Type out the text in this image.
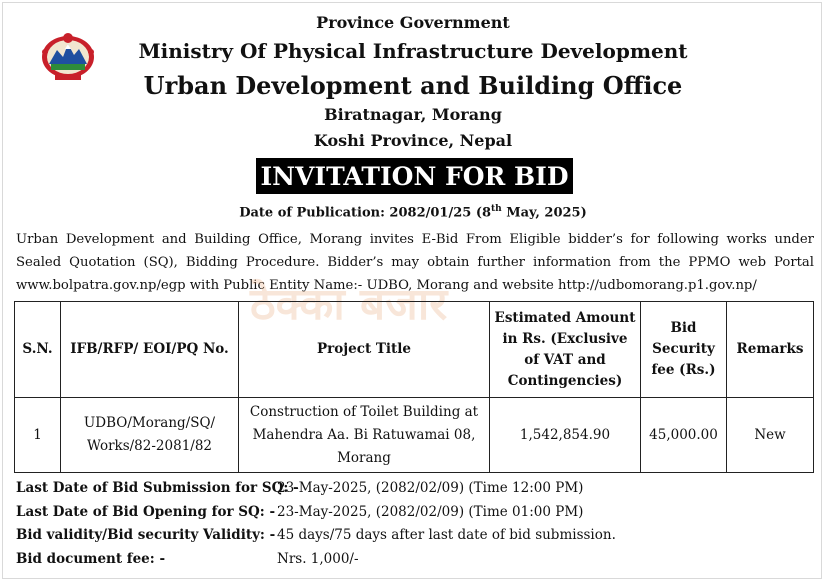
Province Government
Ministry Of Physical Infrastructure Development
Urban Development and Building Office
Biratnagar, Morang
Koshi Province, Nepal
INVITATION FOR BID
Date of Publication: 2082/01/25 (8th May, 2025)
Urban Development and Building Office, Morang invites E-Bid From Eligible bidder’s for following works under Sealed Quotation (SQ), Bidding Procedure. Bidder’s may obtain further information from the PPMO web Portal www.bolpatra.gov.np/egp with Public Entity Name:- UDBO, Morang and website http://udbomorang.p1.gov.np/
ठेक्का बजार
S.N.	IFB/RFP/ EOI/PQ No.	Project Title	Estimated Amount in Rs. (Exclusive of VAT and Contingencies)	Bid Security fee (Rs.)	Remarks
1	UDBO/Morang/SQ/ Works/82-2081/82	Construction of Toilet Building at Mahendra Aa. Bi Ratuwamai 08, Morang	1,542,854.90	45,000.00	New
Last Date of Bid Submission for SQ: -
23-May-2025, (2082/02/09) (Time 12:00 PM)
Last Date of Bid Opening for SQ: - 23-May-2025, (2082/02/09) (Time 01:00 PM)
Bid validity/Bid security Validity: - 45 days/75 days after last date of bid submission.
Bid document fee: -	Nrs. 1,000/-
